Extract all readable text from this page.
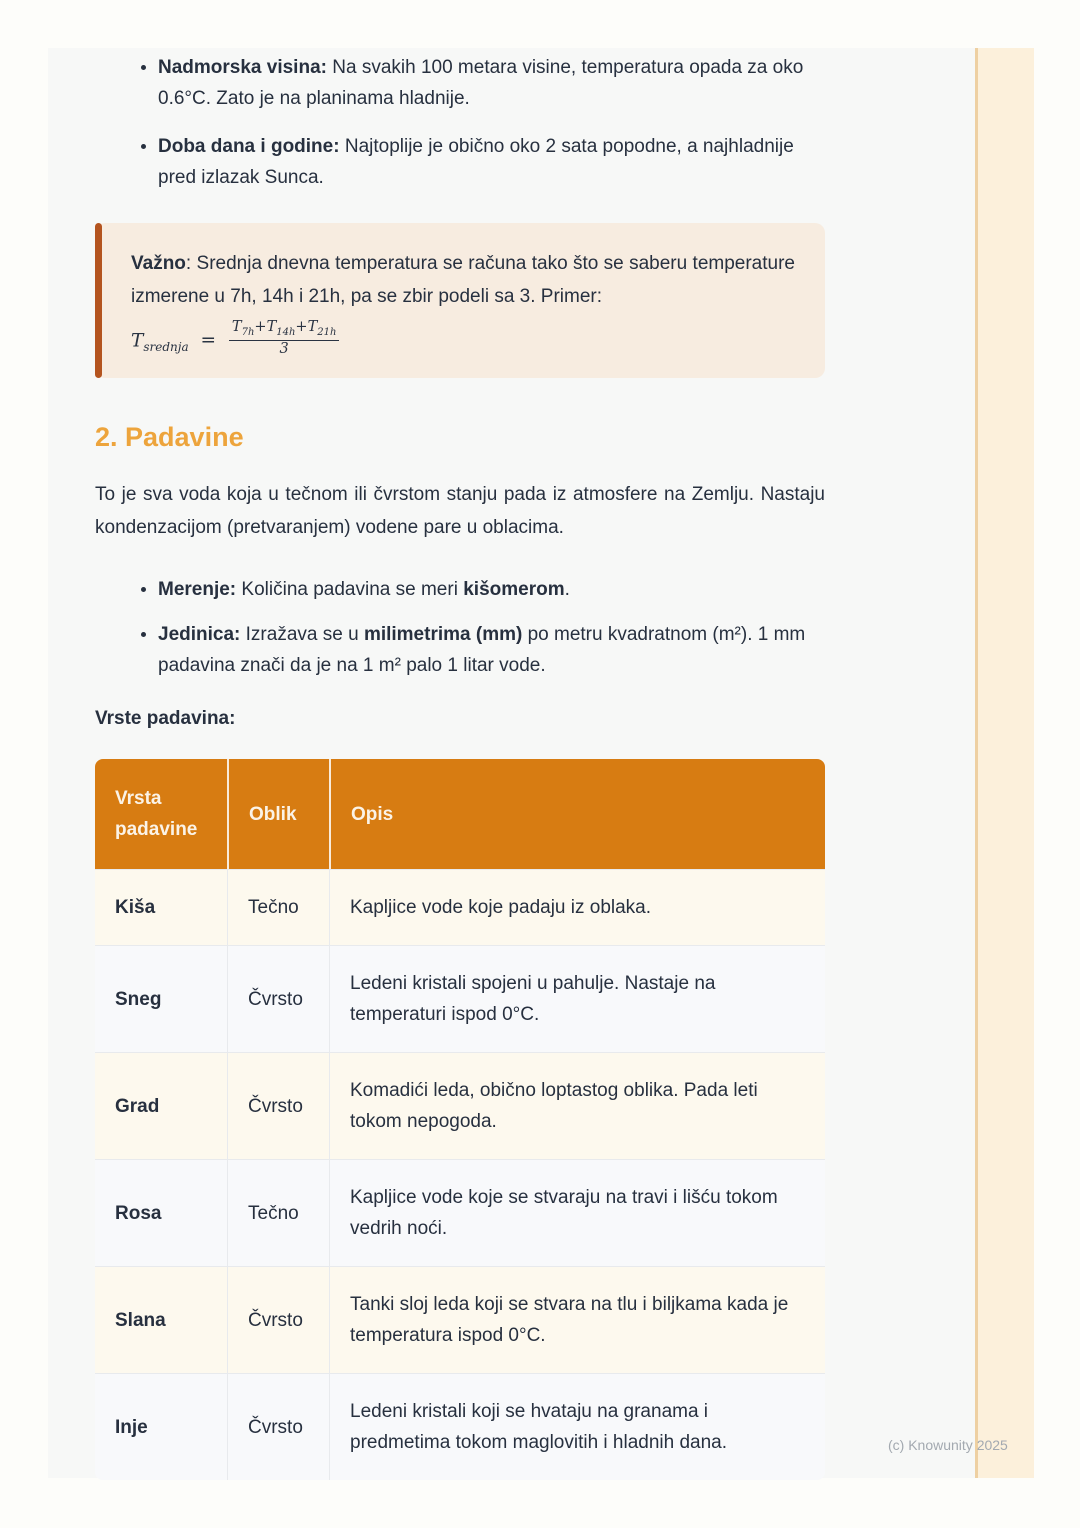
• Nadmorska visina: Na svakih 100 metara visine, temperatura opada za oko 0.6°C. Zato je na planinama hladnije.
• Doba dana i godine: Najtoplije je obično oko 2 sata popodne, a najhladnije pred izlazak Sunca.

Važno: Srednja dnevna temperatura se računa tako što se saberu temperature izmerene u 7h, 14h i 21h, pa se zbir podeli sa 3. Primer:

$T_{srednja} = \frac{T_{7h}+T_{14h}+T_{21h}}{3}$
2. Padavine

To je sva voda koja u tečnom ili čvrstom stanju pada iz atmosfere na Zemlju. Nastaju kondenzacijom (pretvaranjem) vodene pare u oblacima.

• Merenje: Količina padavina se meri kišomerom.
• Jedinica: Izražava se u milimetrima (mm) po metru kvadratnom (m²). 1 mm padavina znači da je na 1 m² palo 1 litar vode.

Vrste padavina:

Vrsta padavine	Oblik	Opis
Kiša	Tečno	Kapljice vode koje padaju iz oblaka.
Sneg	Čvrsto	Ledeni kristali spojeni u pahulje. Nastaje na temperaturi ispod 0°C.
Grad	Čvrsto	Komadići leda, obično loptastog oblika. Pada leti tokom nepogoda.
Rosa	Tečno	Kapljice vode koje se stvaraju na travi i lišću tokom vedrih noći.
Slana	Čvrsto	Tanki sloj leda koji se stvara na tlu i biljkama kada je temperatura ispod 0°C.
Inje	Čvrsto	Ledeni kristali koji se hvataju na granama i predmetima tokom maglovitih i hladnih dana.	(c) Knowunity 2025
